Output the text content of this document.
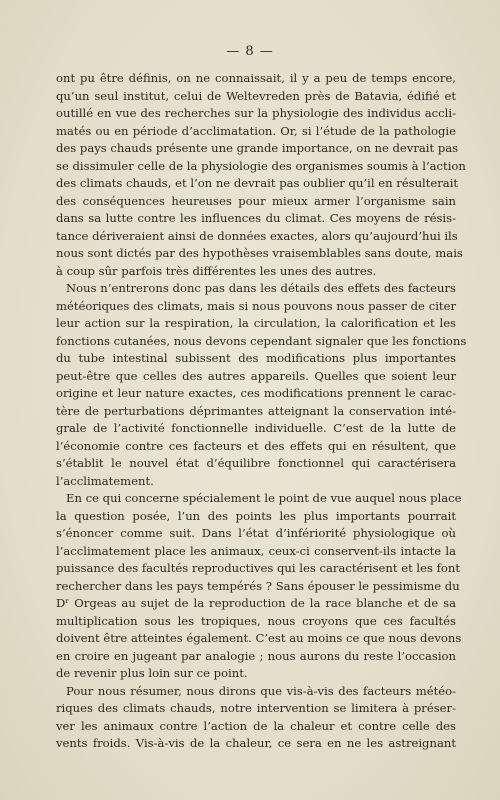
— 8 —
ont pu être définis, on ne connaissait, il y a peu de temps encore,
qu’un seul institut, celui de Weltevreden près de Batavia, édifié et
outillé en vue des recherches sur la physiologie des individus accli-
matés ou en période d’acclimatation. Or, si l’étude de la pathologie
des pays chauds présente une grande importance, on ne devrait pas
se dissimuler celle de la physiologie des organismes soumis à l’action
des climats chauds, et l’on ne devrait pas oublier qu’il en résulterait
des conséquences heureuses pour mieux armer l’organisme sain
dans sa lutte contre les influences du climat. Ces moyens de résis-
tance dériveraient ainsi de données exactes, alors qu’aujourd’hui ils
nous sont dictés par des hypothèses vraisemblables sans doute, mais
à coup sûr parfois très différentes les unes des autres.
Nous n’entrerons donc pas dans les détails des effets des facteurs
météoriques des climats, mais si nous pouvons nous passer de citer
leur action sur la respiration, la circulation, la calorification et les
fonctions cutanées, nous devons cependant signaler que les fonctions
du tube intestinal subissent des modifications plus importantes
peut-être que celles des autres appareils. Quelles que soient leur
origine et leur nature exactes, ces modifications prennent le carac-
tère de perturbations déprimantes atteignant la conservation inté-
grale de l’activité fonctionnelle individuelle. C’est de la lutte de
l’économie contre ces facteurs et des effets qui en résultent, que
s’établit le nouvel état d’équilibre fonctionnel qui caractérisera
l’acclimatement.
En ce qui concerne spécialement le point de vue auquel nous place
la question posée, l’un des points les plus importants pourrait
s’énoncer comme suit. Dans l’état d’infériorité physiologique où
l’acclimatement place les animaux, ceux-ci conservent-ils intacte la
puissance des facultés reproductives qui les caractérisent et les font
rechercher dans les pays tempérés ? Sans épouser le pessimisme du
Dʳ Orgeas au sujet de la reproduction de la race blanche et de sa
multiplication sous les tropiques, nous croyons que ces facultés
doivent être atteintes également. C’est au moins ce que nous devons
en croire en jugeant par analogie ; nous aurons du reste l’occasion
de revenir plus loin sur ce point.
Pour nous résumer, nous dirons que vis-à-vis des facteurs météo-
riques des climats chauds, notre intervention se limitera à préser-
ver les animaux contre l’action de la chaleur et contre celle des
vents froids. Vis-à-vis de la chaleur, ce sera en ne les astreignant
